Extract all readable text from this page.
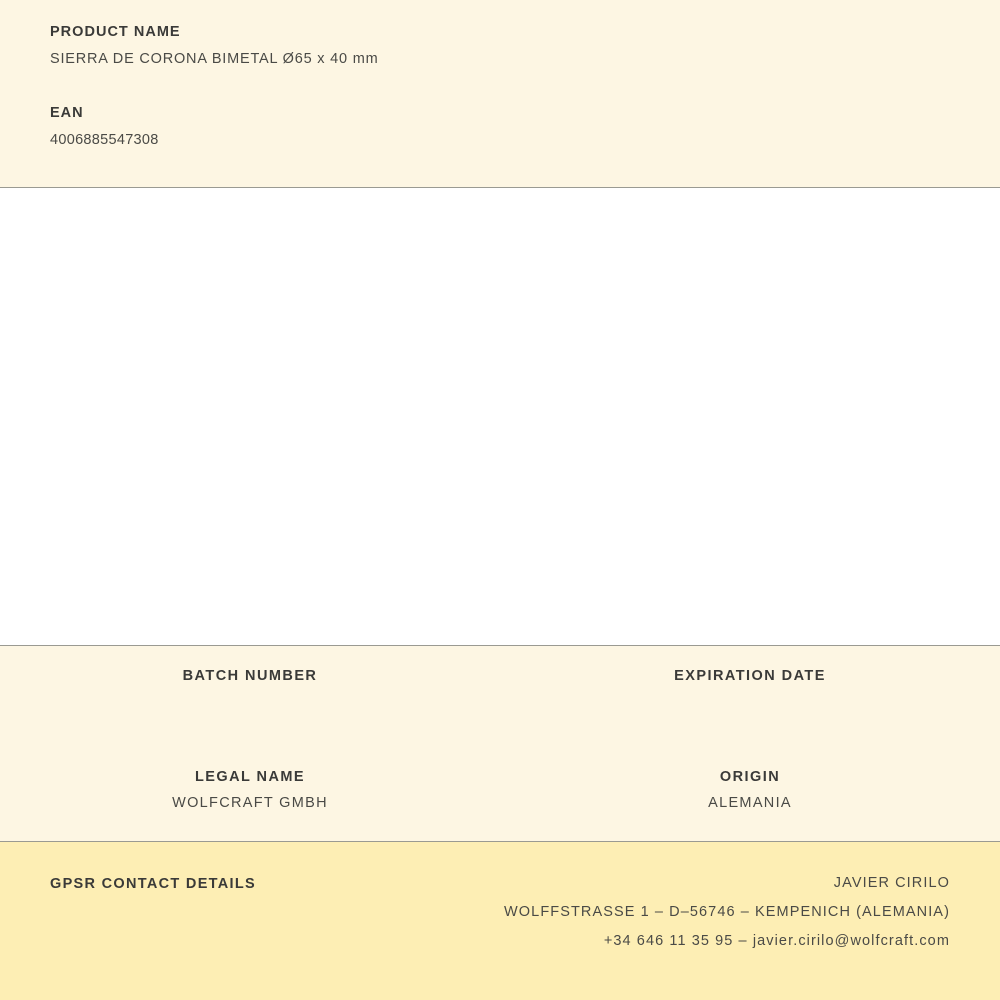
PRODUCT NAME
SIERRA DE CORONA BIMETAL Ø65 x 40 mm
EAN
4006885547308
BATCH NUMBER	EXPIRATION DATE
LEGAL NAME
WOLFCRAFT GMBH
ORIGIN
ALEMANIA
GPSR CONTACT DETAILS	JAVIER CIRILO
WOLFFSTRASSE 1 – D–56746 – KEMPENICH (ALEMANIA)
+34 646 11 35 95 – javier.cirilo@wolfcraft.com
